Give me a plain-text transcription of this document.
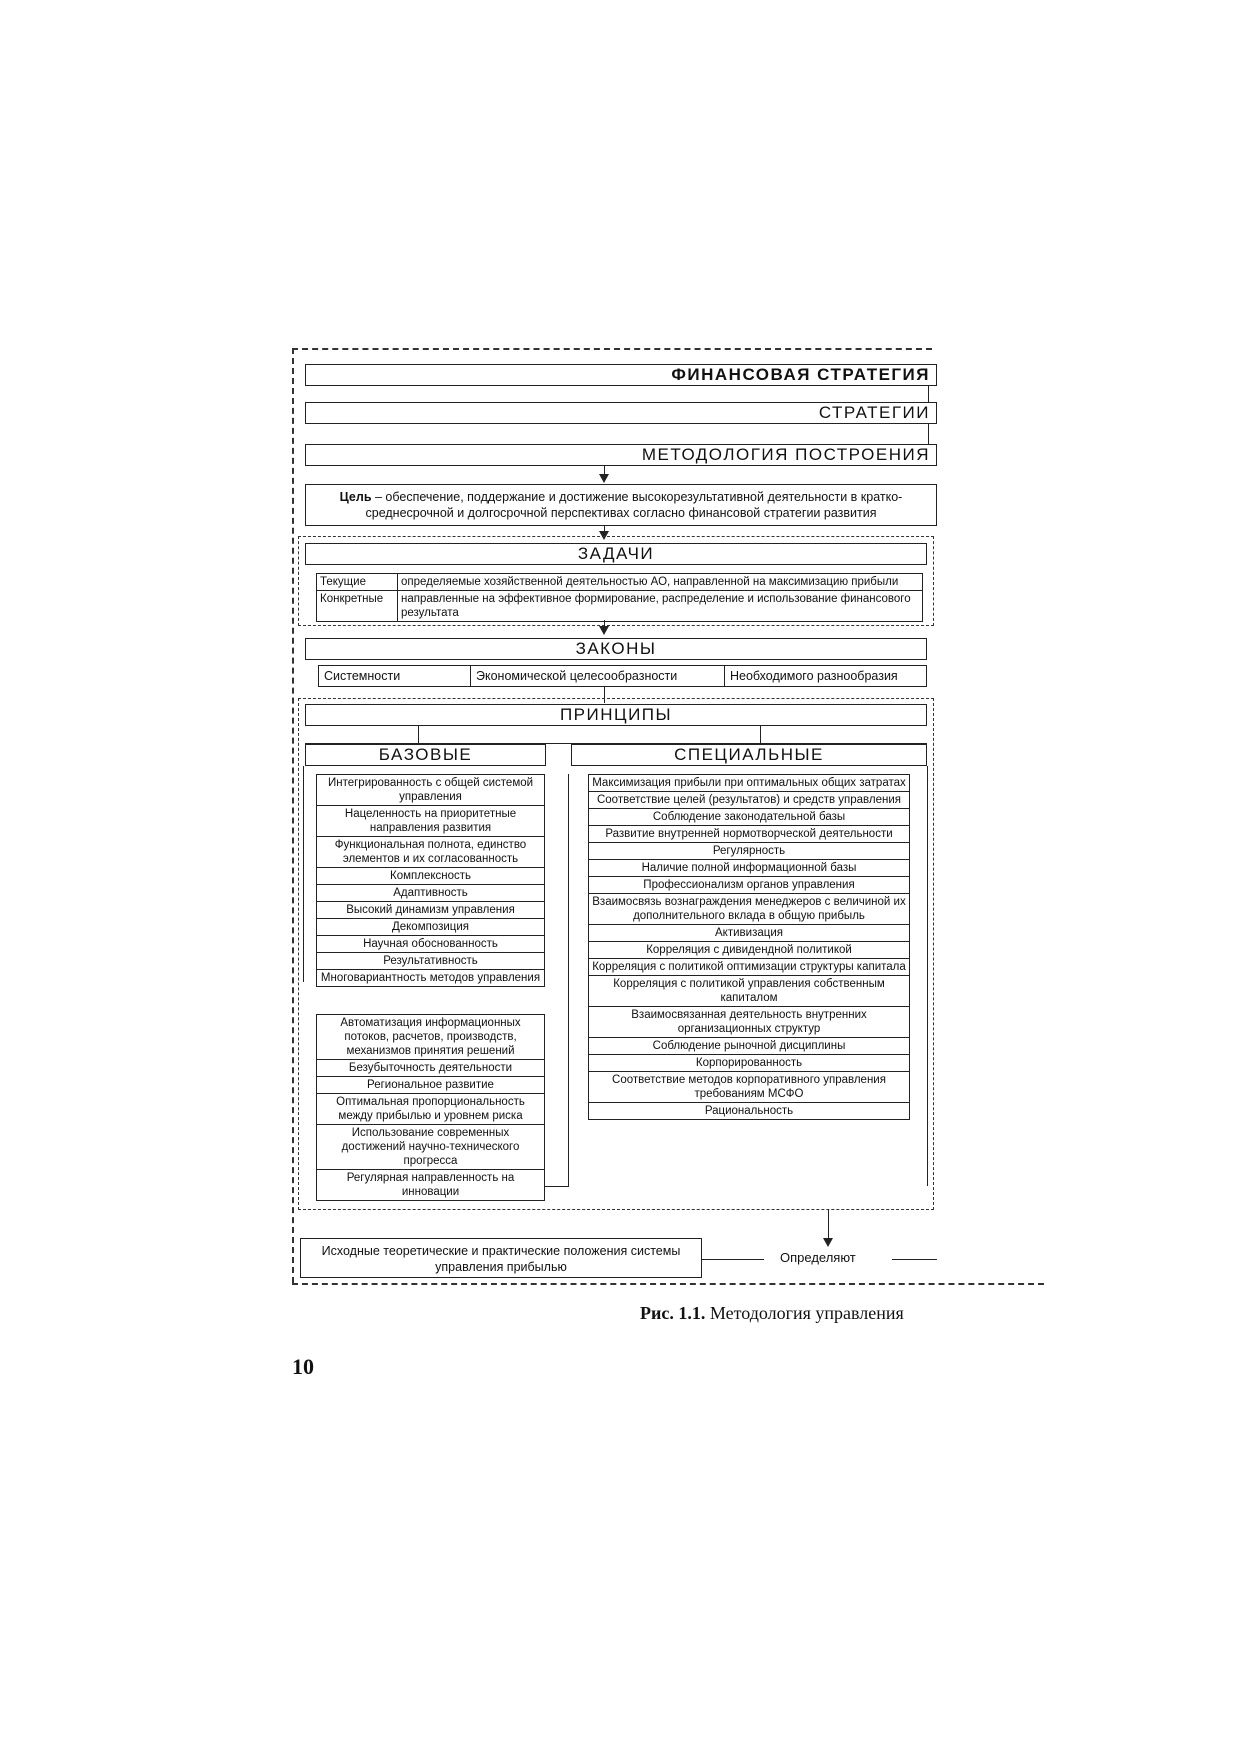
ФИНАНСОВАЯ СТРАТЕГИЯ
СТРАТЕГИИ
МЕТОДОЛОГИЯ ПОСТРОЕНИЯ
Цель – обеспечение, поддержание и достижение высокорезультативной деятельности в кратко- среднесрочной и долгосрочной перспективах согласно финансовой стратегии развития
ЗАДАЧИ
Текущие	определяемые хозяйственной деятельностью АО, направленной на максимизацию прибыли
Конкретные	направленные на эффективное формирование, распределение и использование финансового результата
ЗАКОНЫ
Системности	Экономической целесообразности	Необходимого разнообразия
ПРИНЦИПЫ
БАЗОВЫЕ	СПЕЦИАЛЬНЫЕ
Интегрированность с общей системой управления
Нацеленность на приоритетные направления развития
Функциональная полнота, единство элементов и их согласованность
Комплексность
Адаптивность
Высокий динамизм управления
Декомпозиция
Научная обоснованность
Результативность
Многовариантность методов управления
Автоматизация информационных потоков, расчетов, производств, механизмов принятия решений
Безубыточность деятельности
Региональное развитие
Оптимальная пропорциональность между прибылью и уровнем риска
Использование современных достижений научно-технического прогресса
Регулярная направленность на инновации
Максимизация прибыли при оптимальных общих затратах
Соответствие целей (результатов) и средств управления
Соблюдение законодательной базы
Развитие внутренней нормотворческой деятельности
Регулярность
Наличие полной информационной базы
Профессионализм органов управления
Взаимосвязь вознаграждения менеджеров с величиной их дополнительного вклада в общую прибыль
Активизация
Корреляция с дивидендной политикой
Корреляция с политикой оптимизации структуры капитала
Корреляция с политикой управления собственным капиталом
Взаимосвязанная деятельность внутренних организационных структур
Соблюдение рыночной дисциплины
Корпорированность
Соответствие методов корпоративного управления требованиям МСФО
Рациональность
Исходные теоретические и практические положения системы управления прибылью
Определяют
Рис. 1.1. Методология управления
10
